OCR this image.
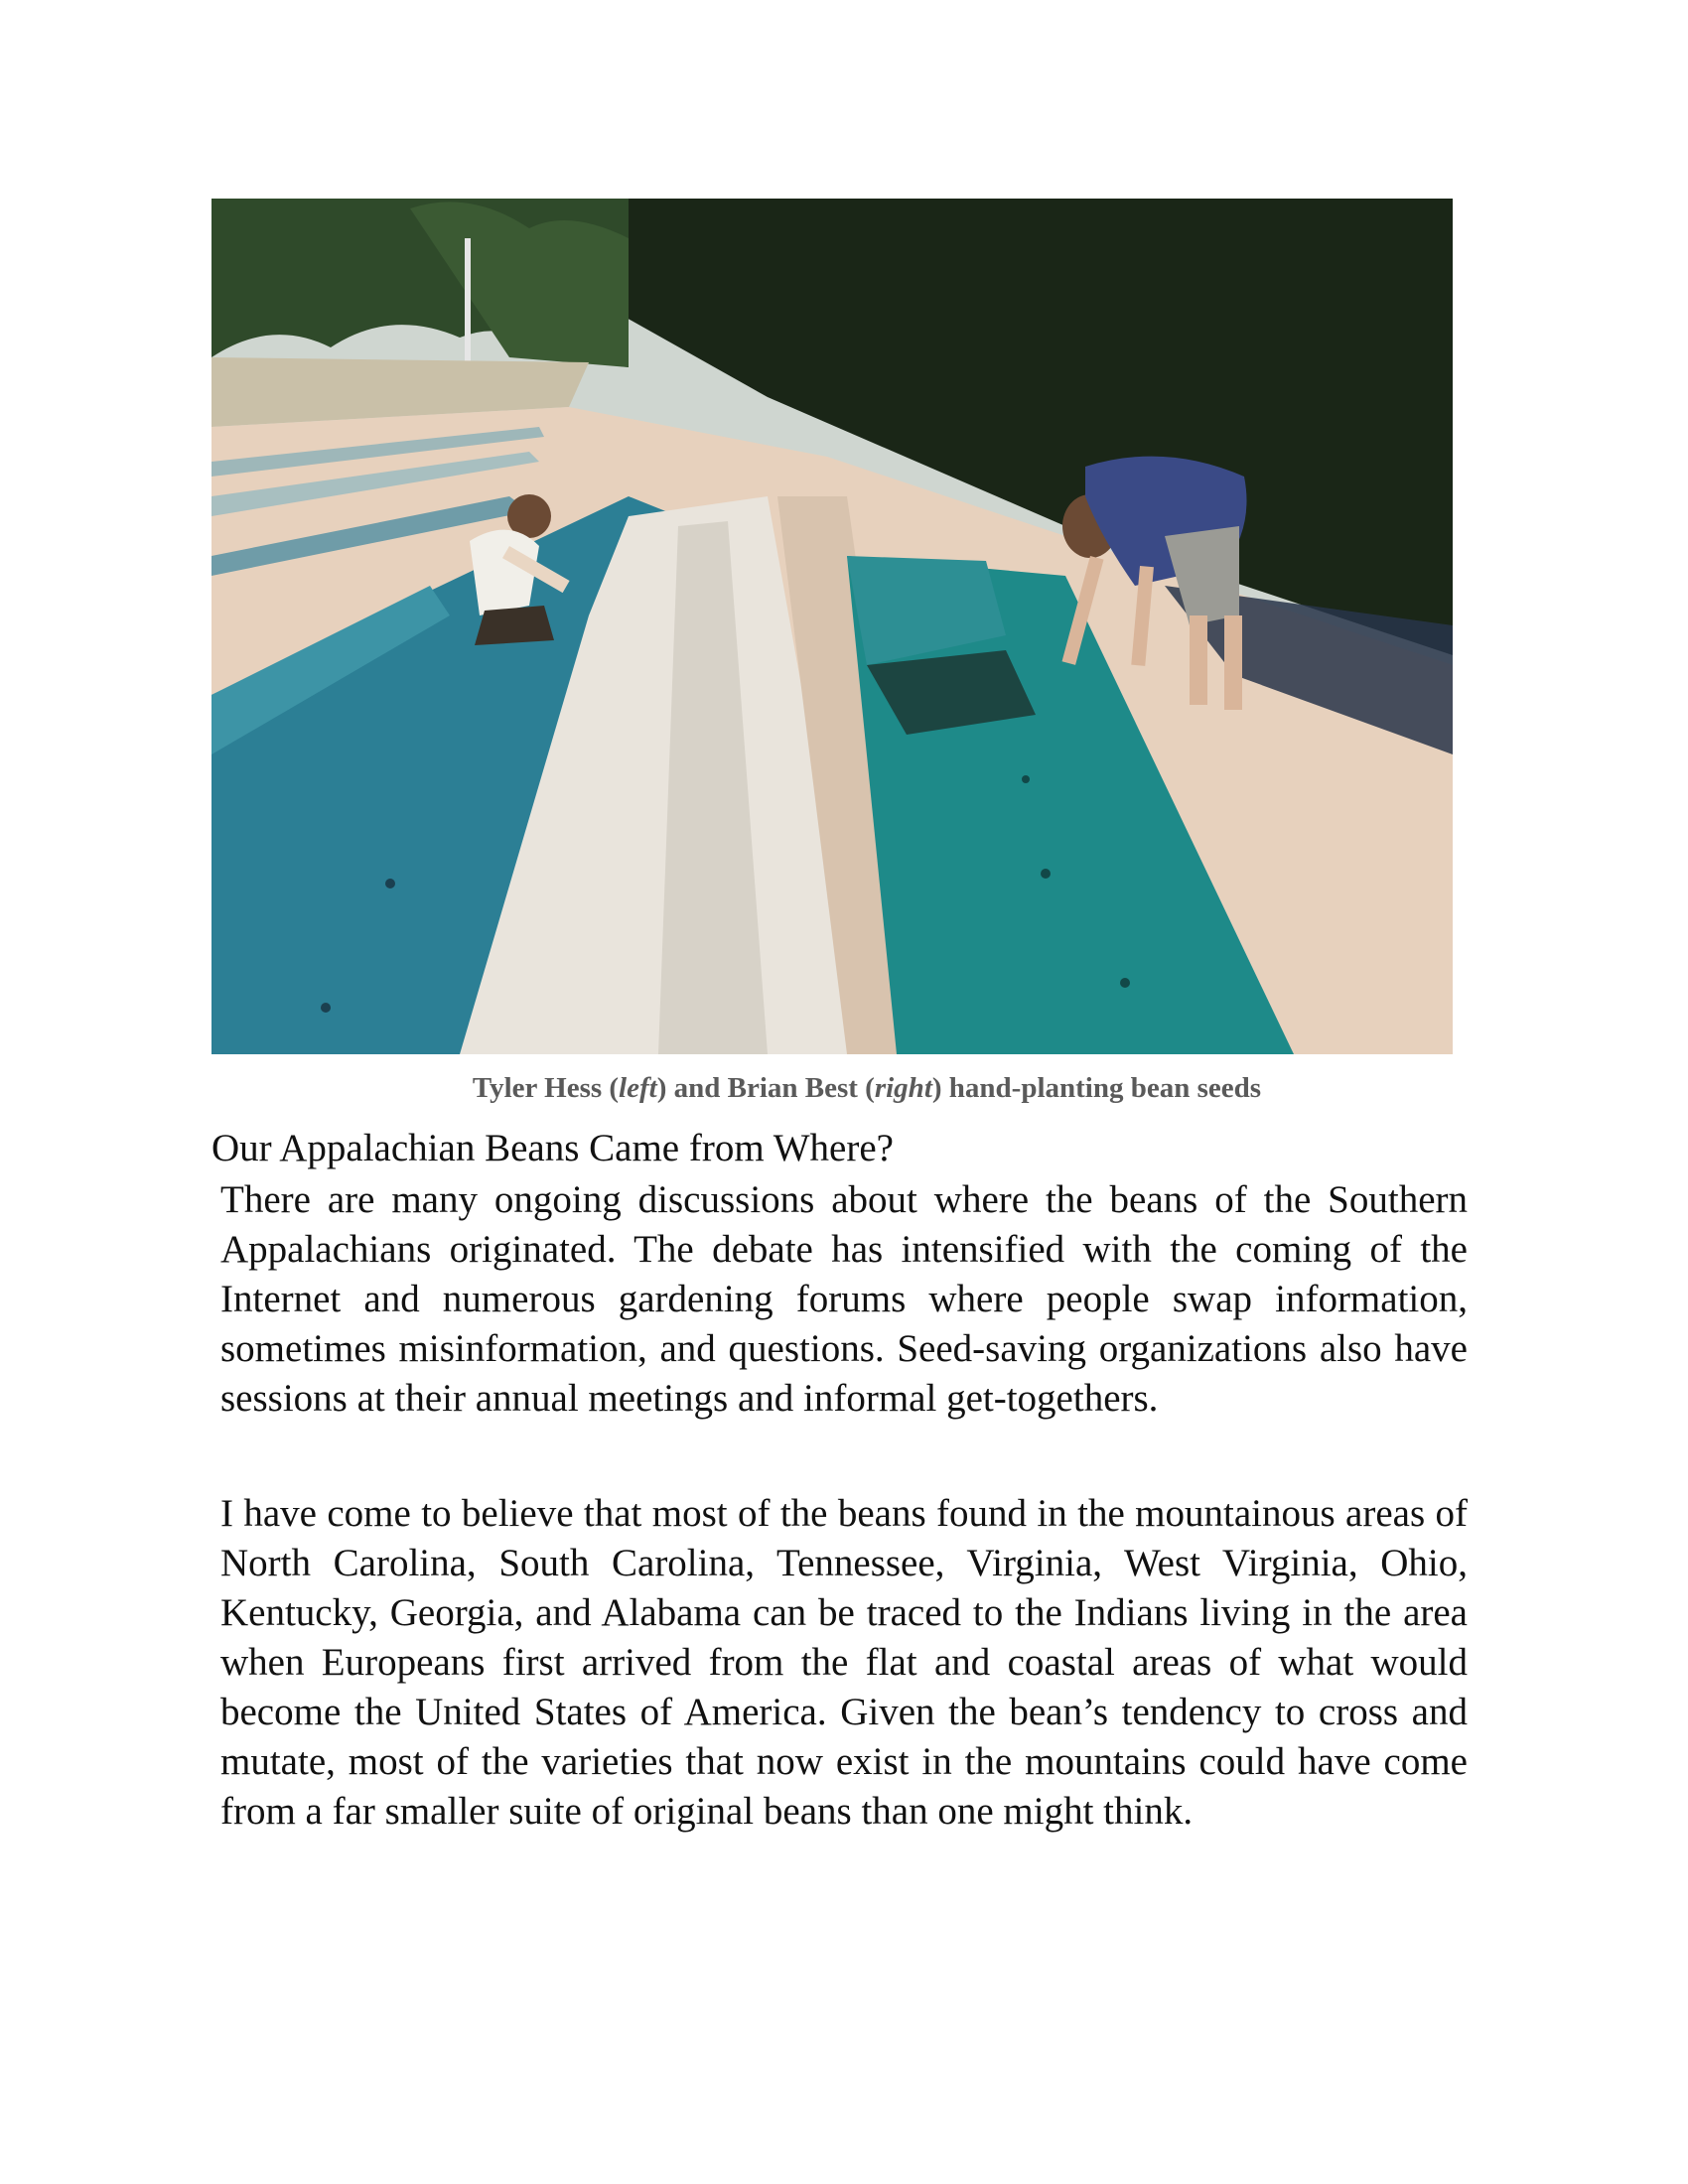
Tyler Hess (left) and Brian Best (right) hand-planting bean seeds
Our Appalachian Beans Came from Where?

There are many ongoing discussions about where the beans of the Southern Appalachians originated. The debate has intensified with the coming of the Internet and numerous gardening forums where people swap information, sometimes misinformation, and questions. Seed-saving organizations also have sessions at their annual meetings and informal get-togethers.

I have come to believe that most of the beans found in the mountainous areas of North Carolina, South Carolina, Tennessee, Virginia, West Virginia, Ohio, Kentucky, Georgia, and Alabama can be traced to the Indians living in the area when Europeans first arrived from the flat and coastal areas of what would become the United States of America. Given the bean’s tendency to cross and mutate, most of the varieties that now exist in the mountains could have come from a far smaller suite of original beans than one might think.
